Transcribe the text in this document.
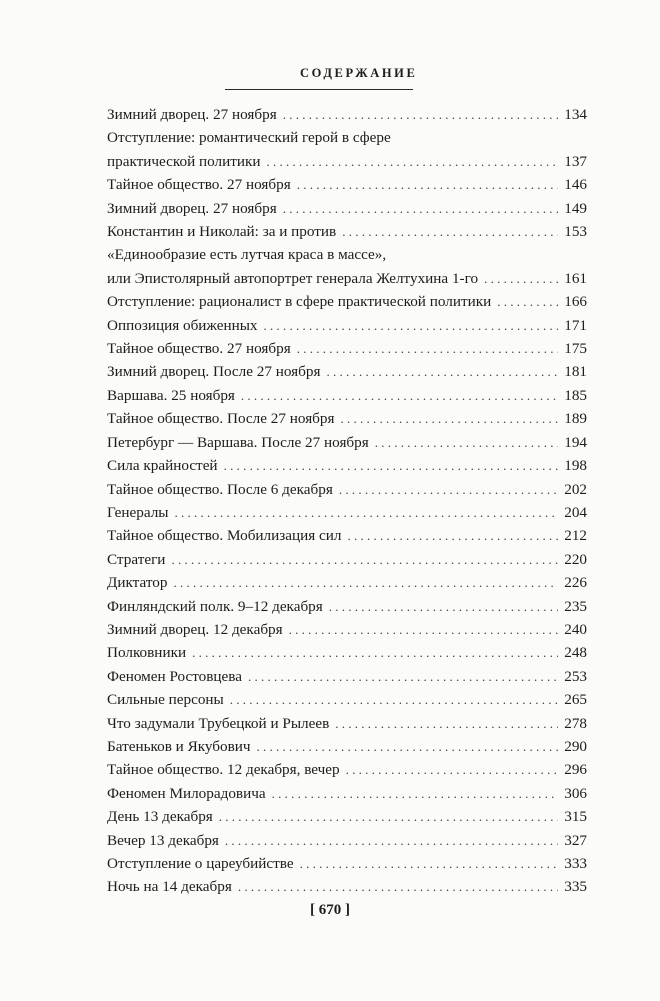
СОДЕРЖАНИЕ
Зимний дворец. 27 ноября . . .	134
Отступление: романтический герой в сфере
практической политики . . .	137
Тайное общество. 27 ноября . . .	146
Зимний дворец. 27 ноября . . .	149
Константин и Николай: за и против . . .	153
«Единообразие есть лутчая краса в массе»,
или Эпистолярный автопортрет генерала Желтухина 1-го . . .	161
Отступление: рационалист в сфере практической политики . . .	166
Оппозиция обиженных . . .	171
Тайное общество. 27 ноября . . .	175
Зимний дворец. После 27 ноября . . .	181
Варшава. 25 ноября . . .	185
Тайное общество. После 27 ноября . . .	189
Петербург — Варшава. После 27 ноября . . .	194
Сила крайностей . . .	198
Тайное общество. После 6 декабря . . .	202
Генералы . . .	204
Тайное общество. Мобилизация сил . . .	212
Стратеги . . .	220
Диктатор . . .	226
Финляндский полк. 9–12 декабря . . .	235
Зимний дворец. 12 декабря . . .	240
Полковники . . .	248
Феномен Ростовцева . . .	253
Сильные персоны . . .	265
Что задумали Трубецкой и Рылеев . . .	278
Батеньков и Якубович . . .	290
Тайное общество. 12 декабря, вечер . . .	296
Феномен Милорадовича . . .	306
День 13 декабря . . .	315
Вечер 13 декабря . . .	327
Отступление о цареубийстве . . .	333
Ночь на 14 декабря . . .	335
[ 670 ]
